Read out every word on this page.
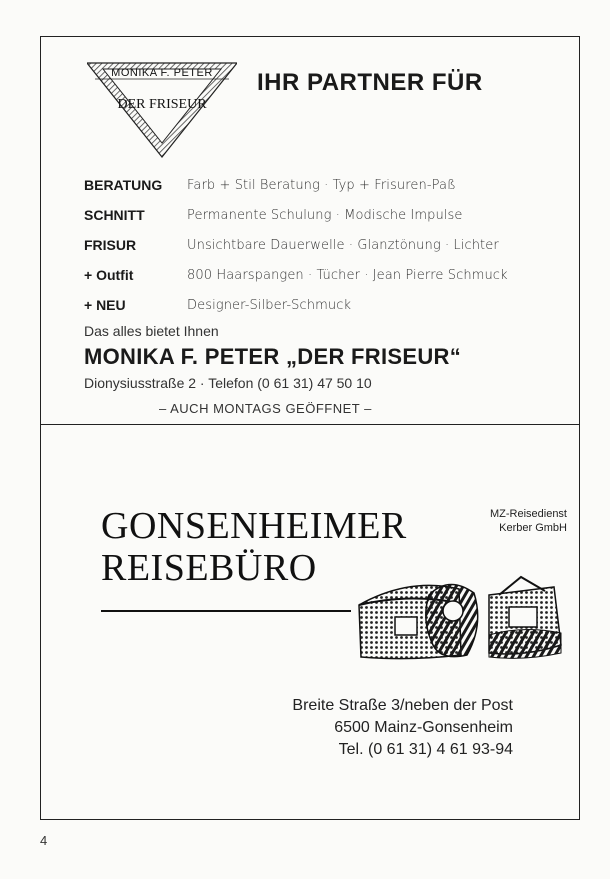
MONIKA F. PETER
DER FRISEUR
IHR PARTNER FÜR
BERATUNG	Farb + Stil Beratung · Typ + Frisuren-Paß
SCHNITT	Permanente Schulung · Modische Impulse
FRISUR	Unsichtbare Dauerwelle · Glanztönung · Lichter
+ Outfit	800 Haarspangen · Tücher · Jean Pierre Schmuck
+ NEU	Designer-Silber-Schmuck
Das alles bietet Ihnen
MONIKA F. PETER „DER FRISEUR“
Dionysiusstraße 2 · Telefon (0 61 31) 47 50 10
– AUCH MONTAGS GEÖFFNET –
GONSENHEIMER
REISEBÜRO
MZ-Reisedienst
Kerber GmbH
Breite Straße 3/neben der Post
6500 Mainz-Gonsenheim
Tel. (0 61 31) 4 61 93-94
4
